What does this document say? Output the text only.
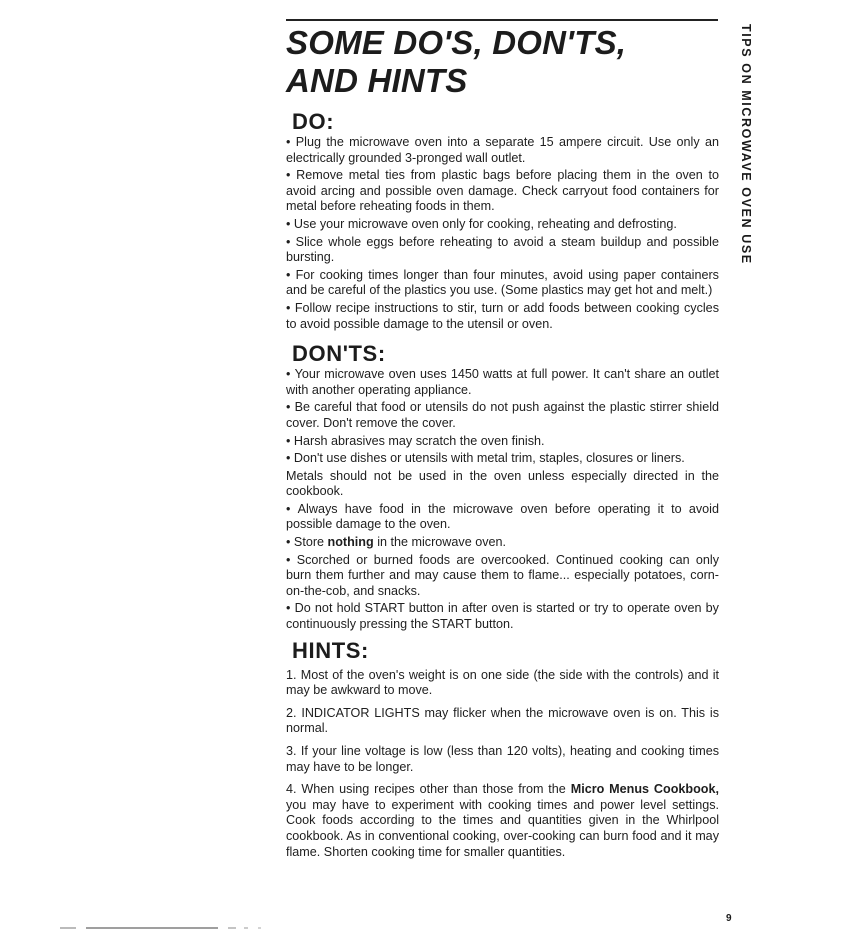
SOME DO'S, DON'TS,
AND HINTS	TIPS ON MICROWAVE OVEN USE
DO:
• Plug the microwave oven into a separate 15 ampere circuit. Use only an electrically grounded 3-pronged wall outlet.
• Remove metal ties from plastic bags before placing them in the oven to avoid arcing and possible oven damage. Check carryout food containers for metal before reheating foods in them.
• Use your microwave oven only for cooking, reheating and defrosting.
• Slice whole eggs before reheating to avoid a steam buildup and possible bursting.
• For cooking times longer than four minutes, avoid using paper containers and be careful of the plastics you use. (Some plastics may get hot and melt.)
• Follow recipe instructions to stir, turn or add foods between cooking cycles to avoid possible damage to the utensil or oven.
DON'TS:
• Your microwave oven uses 1450 watts at full power. It can't share an outlet with another operating appliance.
• Be careful that food or utensils do not push against the plastic stirrer shield cover. Don't remove the cover.
• Harsh abrasives may scratch the oven finish.
• Don't use dishes or utensils with metal trim, staples, closures or liners.
Metals should not be used in the oven unless especially directed in the cookbook.
• Always have food in the microwave oven before operating it to avoid possible damage to the oven.
• Store nothing in the microwave oven.
• Scorched or burned foods are overcooked. Continued cooking can only burn them further and may cause them to flame... especially potatoes, corn-on-the-cob, and snacks.
• Do not hold START button in after oven is started or try to operate oven by continuously pressing the START button.
HINTS:
1. Most of the oven's weight is on one side (the side with the controls) and it may be awkward to move.
2. INDICATOR LIGHTS may flicker when the microwave oven is on. This is normal.
3. If your line voltage is low (less than 120 volts), heating and cooking times may have to be longer.
4. When using recipes other than those from the Micro Menus Cookbook, you may have to experiment with cooking times and power level settings. Cook foods according to the times and quantities given in the Whirlpool cookbook. As in conventional cooking, over-cooking can burn food and it may flame. Shorten cooking time for smaller quantities.
9
